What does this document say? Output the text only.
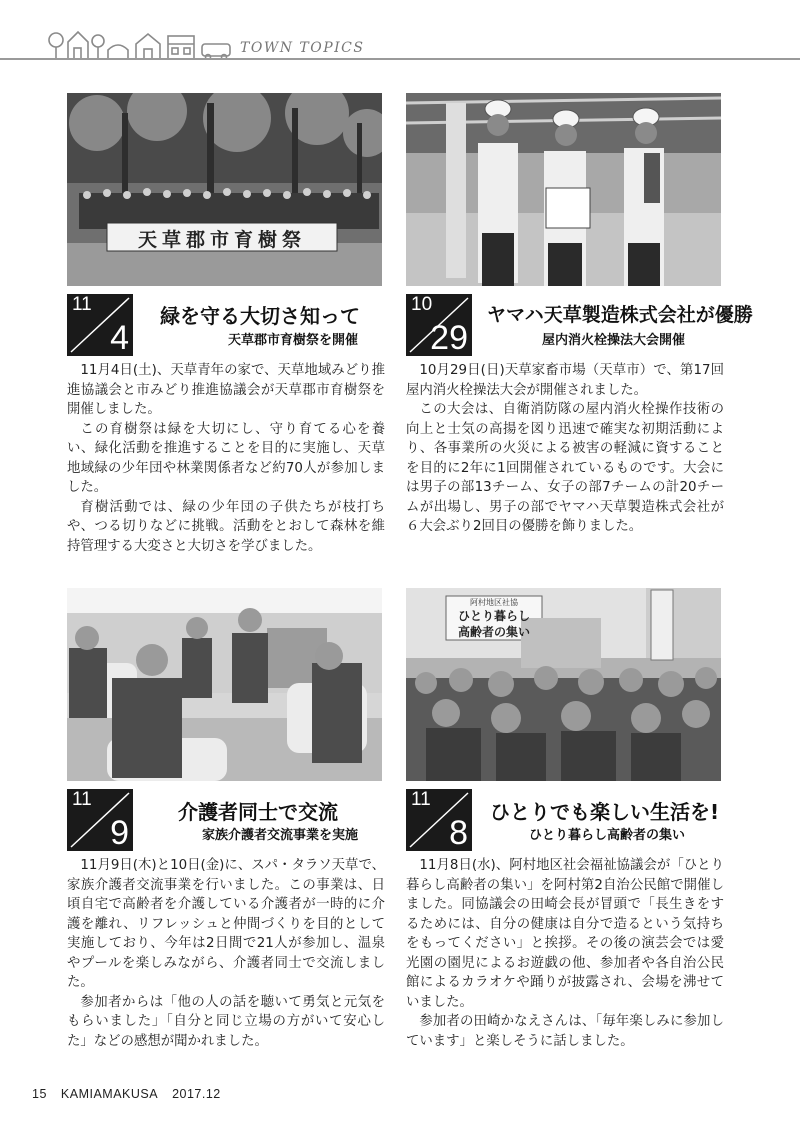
TOWN TOPICS
天草郡市育樹祭
11
4
緑を守る大切さ知って
天草郡市育樹祭を開催
10
29
ヤマハ天草製造株式会社が優勝
屋内消火栓操法大会開催

11月4日(土)、天草青年の家で、天草地域みどり推進協議会と市みどり推進協議会が天草郡市育樹祭を開催しました。

この育樹祭は緑を大切にし、守り育てる心を養い、緑化活動を推進することを目的に実施し、天草地域緑の少年団や林業関係者など約70人が参加しました。

育樹活動では、緑の少年団の子供たちが枝打ちや、つる切りなどに挑戦。活動をとおして森林を維持管理する大変さと大切さを学びました。

10月29日(日)天草家畜市場（天草市）で、第17回屋内消火栓操法大会が開催されました。

この大会は、自衛消防隊の屋内消火栓操作技術の向上と士気の高揚を図り迅速で確実な初期活動により、各事業所の火災による被害の軽減に資することを目的に2年に1回開催されているものです。大会には男子の部13チーム、女子の部7チームの計20チームが出場し、男子の部でヤマハ天草製造株式会社が６大会ぶり2回目の優勝を飾りました。

阿村地区社協
ひとり暮らし
高齢者の集い
11
9
介護者同士で交流
家族介護者交流事業を実施
11
8
ひとりでも楽しい生活を!
ひとり暮らし高齢者の集い

11月9日(木)と10日(金)に、スパ・タラソ天草で、家族介護者交流事業を行いました。この事業は、日頃自宅で高齢者を介護している介護者が一時的に介護を離れ、リフレッシュと仲間づくりを目的として実施しており、今年は2日間で21人が参加し、温泉やプールを楽しみながら、介護者同士で交流しました。

参加者からは「他の人の話を聴いて勇気と元気をもらいました」「自分と同じ立場の方がいて安心した」などの感想が聞かれました。

11月8日(水)、阿村地区社会福祉協議会が「ひとり暮らし高齢者の集い」を阿村第2自治公民館で開催しました。同協議会の田崎会長が冒頭で「長生きをするためには、自分の健康は自分で造るという気持ちをもってください」と挨拶。その後の演芸会では愛光園の園児によるお遊戯の他、参加者や各自治公民館によるカラオケや踊りが披露され、会場を沸せていました。

参加者の田崎かなえさんは、「毎年楽しみに参加しています」と楽しそうに話しました。

15 KAMIAMAKUSA 2017.12
